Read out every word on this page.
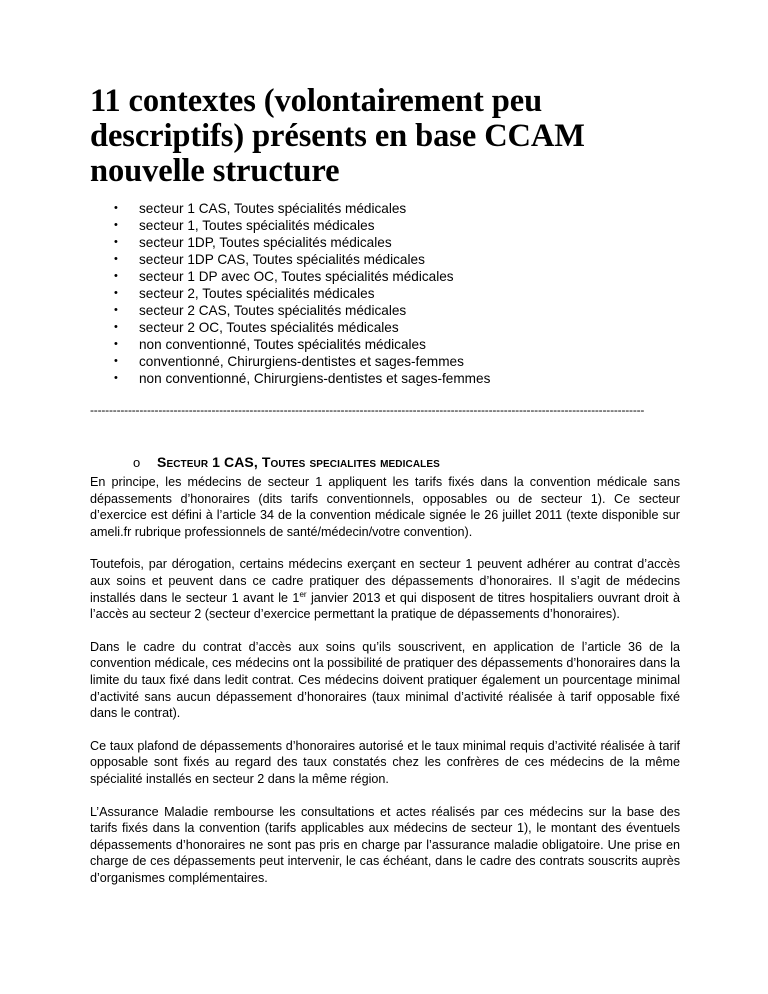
11 contextes (volontairement peu descriptifs) présents en base CCAM nouvelle structure
• secteur 1 CAS, Toutes spécialités médicales
• secteur 1, Toutes spécialités médicales
• secteur 1DP, Toutes spécialités médicales
• secteur 1DP CAS, Toutes spécialités médicales
• secteur 1 DP avec OC, Toutes spécialités médicales
• secteur 2, Toutes spécialités médicales
• secteur 2 CAS, Toutes spécialités médicales
• secteur 2 OC, Toutes spécialités médicales
• non conventionné, Toutes spécialités médicales
• conventionné, Chirurgiens-dentistes et sages-femmes
• non conventionné, Chirurgiens-dentistes et sages-femmes
--------------------------------------------------------------------------------------------------------------------------------------------------
o Secteur 1 CAS, Toutes specialites medicales

En principe, les médecins de secteur 1 appliquent les tarifs fixés dans la convention médicale sans dépassements d’honoraires (dits tarifs conventionnels, opposables ou de secteur 1). Ce secteur d’exercice est défini à l’article 34 de la convention médicale signée le 26 juillet 2011 (texte disponible sur ameli.fr rubrique professionnels de santé/médecin/votre convention).

Toutefois, par dérogation, certains médecins exerçant en secteur 1 peuvent adhérer au contrat d’accès aux soins et peuvent dans ce cadre pratiquer des dépassements d’honoraires. Il s’agit de médecins installés dans le secteur 1 avant le 1er janvier 2013 et qui disposent de titres hospitaliers ouvrant droit à l’accès au secteur 2 (secteur d’exercice permettant la pratique de dépassements d’honoraires).

Dans le cadre du contrat d’accès aux soins qu’ils souscrivent, en application de l’article 36 de la convention médicale, ces médecins ont la possibilité de pratiquer des dépassements d’honoraires dans la limite du taux fixé dans ledit contrat. Ces médecins doivent pratiquer également un pourcentage minimal d’activité sans aucun dépassement d’honoraires (taux minimal d’activité réalisée à tarif opposable fixé dans le contrat).

Ce taux plafond de dépassements d’honoraires autorisé et le taux minimal requis d’activité réalisée à tarif opposable sont fixés au regard des taux constatés chez les confrères de ces médecins de la même spécialité installés en secteur 2 dans la même région.

L’Assurance Maladie rembourse les consultations et actes réalisés par ces médecins sur la base des tarifs fixés dans la convention (tarifs applicables aux médecins de secteur 1), le montant des éventuels dépassements d’honoraires ne sont pas pris en charge par l’assurance maladie obligatoire. Une prise en charge de ces dépassements peut intervenir, le cas échéant, dans le cadre des contrats souscrits auprès d’organismes complémentaires.
